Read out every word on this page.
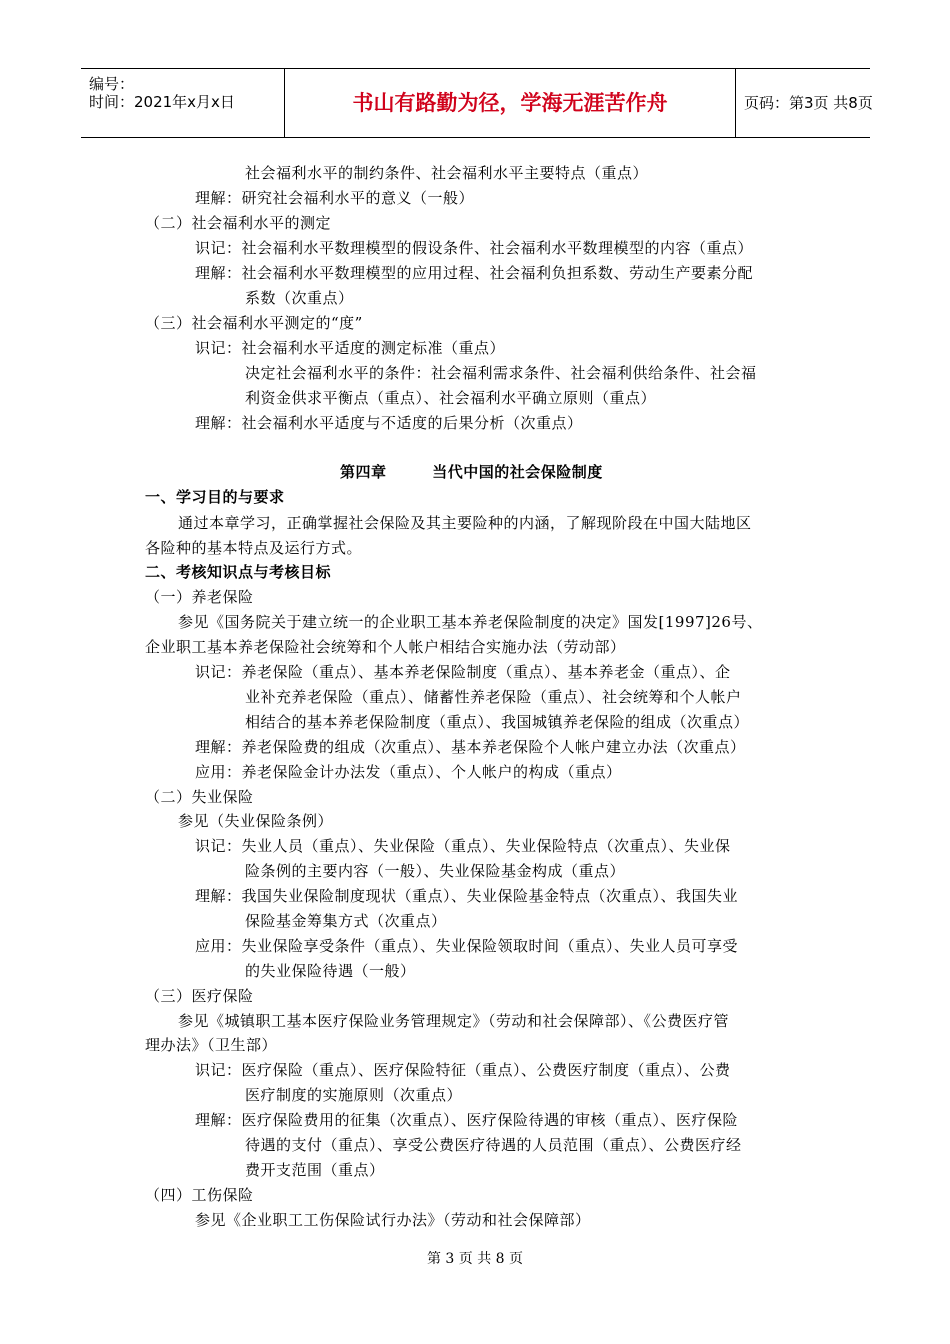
编号：
时间：2021年x月x日	书山有路勤为径，学海无涯苦作舟	页码：第3页 共8页
社会福利水平的制约条件、社会福利水平主要特点（重点）
理解：研究社会福利水平的意义（一般）
（二）社会福利水平的测定
识记：社会福利水平数理模型的假设条件、社会福利水平数理模型的内容（重点）
理解：社会福利水平数理模型的应用过程、社会福利负担系数、劳动生产要素分配
系数（次重点）
（三）社会福利水平测定的“度”
识记：社会福利水平适度的测定标准（重点）
决定社会福利水平的条件：社会福利需求条件、社会福利供给条件、社会福
利资金供求平衡点（重点）、社会福利水平确立原则（重点）
理解：社会福利水平适度与不适度的后果分析（次重点）
第四章        当代中国的社会保险制度
一、学习目的与要求
通过本章学习，正确掌握社会保险及其主要险种的内涵，了解现阶段在中国大陆地区
各险种的基本特点及运行方式。
二、考核知识点与考核目标
（一）养老保险
参见《国务院关于建立统一的企业职工基本养老保险制度的决定》国发[1997]26号、
企业职工基本养老保险社会统筹和个人帐户相结合实施办法（劳动部）
识记：养老保险（重点）、基本养老保险制度（重点）、基本养老金（重点）、企
业补充养老保险（重点）、储蓄性养老保险（重点）、社会统筹和个人帐户
相结合的基本养老保险制度（重点）、我国城镇养老保险的组成（次重点）
理解：养老保险费的组成（次重点）、基本养老保险个人帐户建立办法（次重点）
应用：养老保险金计办法发（重点）、个人帐户的构成（重点）
（二）失业保险
参见（失业保险条例）
识记：失业人员（重点）、失业保险（重点）、失业保险特点（次重点）、失业保
险条例的主要内容（一般）、失业保险基金构成（重点）
理解：我国失业保险制度现状（重点）、失业保险基金特点（次重点）、我国失业
保险基金筹集方式（次重点）
应用：失业保险享受条件（重点）、失业保险领取时间（重点）、失业人员可享受
的失业保险待遇（一般）
（三）医疗保险
参见《城镇职工基本医疗保险业务管理规定》（劳动和社会保障部）、《公费医疗管
理办法》（卫生部）
识记：医疗保险（重点）、医疗保险特征（重点）、公费医疗制度（重点）、公费
医疗制度的实施原则（次重点）
理解：医疗保险费用的征集（次重点）、医疗保险待遇的审核（重点）、医疗保险
待遇的支付（重点）、享受公费医疗待遇的人员范围（重点）、公费医疗经
费开支范围（重点）
（四）工伤保险
参见《企业职工工伤保险试行办法》（劳动和社会保障部）
第 3 页 共 8 页
